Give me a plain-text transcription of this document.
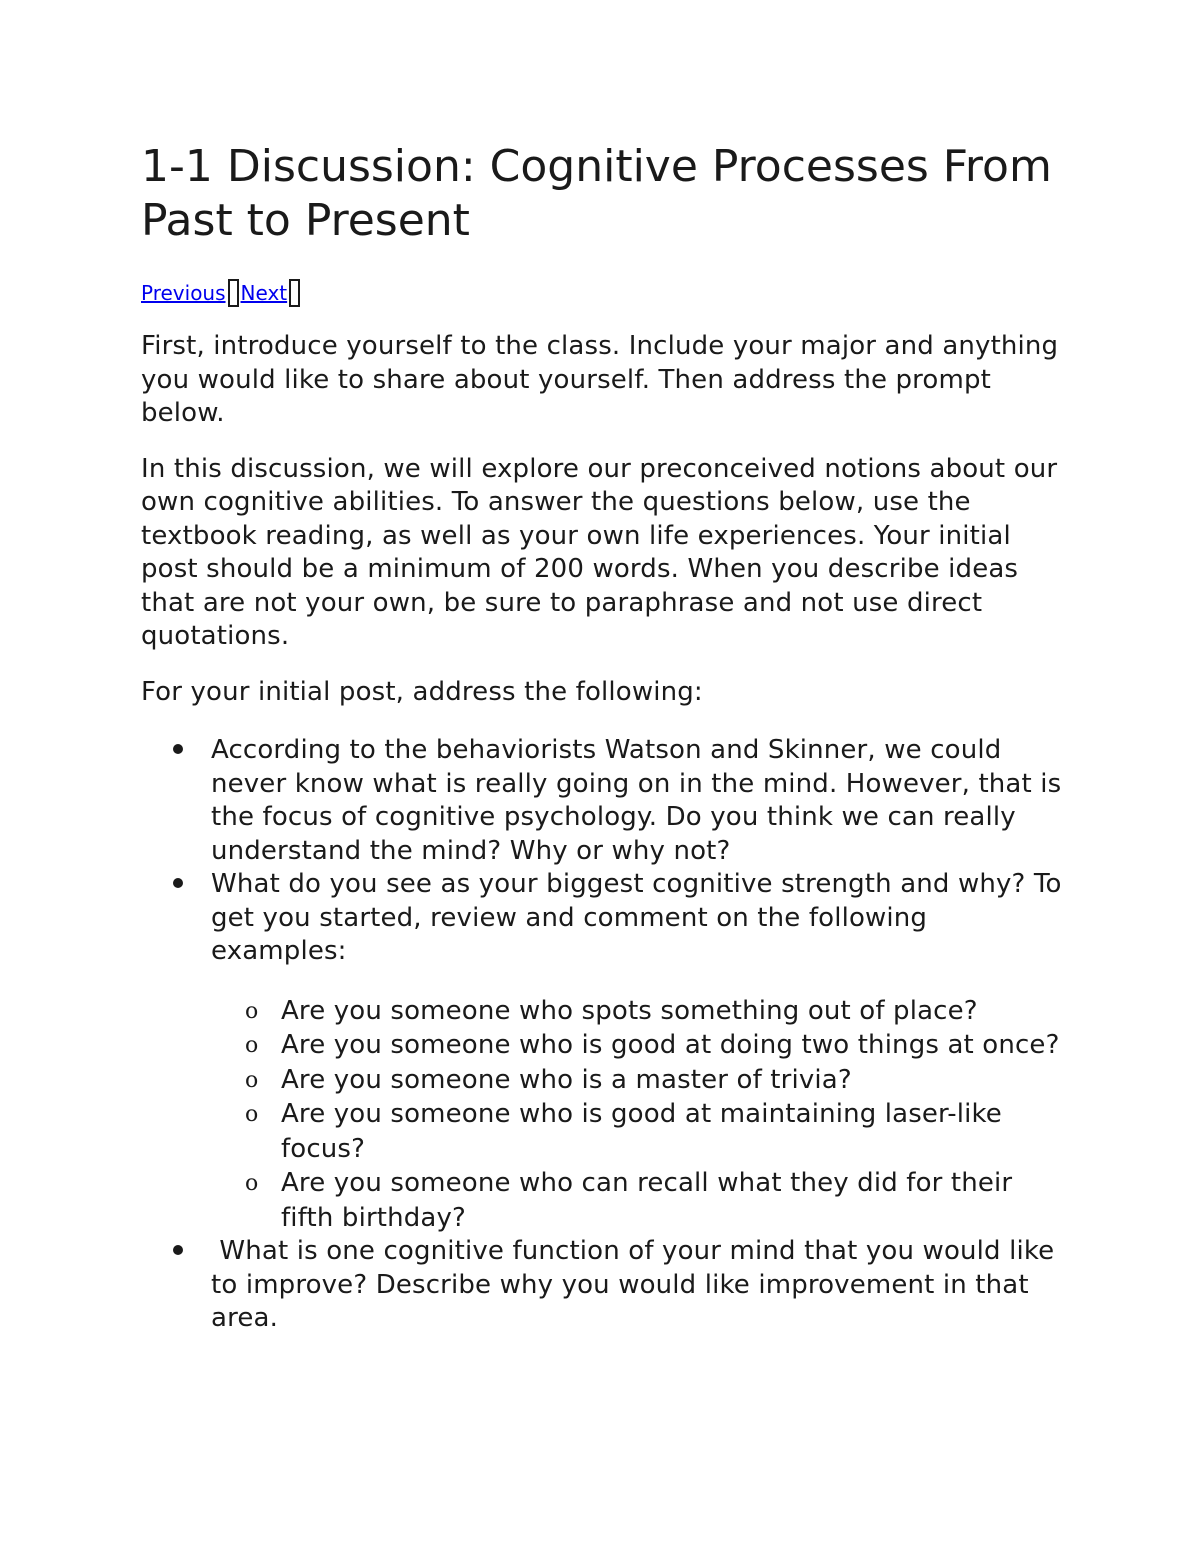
1-1 Discussion: Cognitive Processes From Past to Present
Previous Next

First, introduce yourself to the class. Include your major and anything you would like to share about yourself. Then address the prompt below.

In this discussion, we will explore our preconceived notions about our own cognitive abilities. To answer the questions below, use the textbook reading, as well as your own life experiences. Your initial post should be a minimum of 200 words. When you describe ideas that are not your own, be sure to paraphrase and not use direct quotations.

For your initial post, address the following:

According to the behaviorists Watson and Skinner, we could never know what is really going on in the mind. However, that is the focus of cognitive psychology. Do you think we can really understand the mind? Why or why not?
What do you see as your biggest cognitive strength and why? To get you started, review and comment on the following examples:
o Are you someone who spots something out of place?
o Are you someone who is good at doing two things at once?
o Are you someone who is a master of trivia?
o Are you someone who is good at maintaining laser-like focus?
o Are you someone who can recall what they did for their fifth birthday?
What is one cognitive function of your mind that you would like to improve? Describe why you would like improvement in that area.
